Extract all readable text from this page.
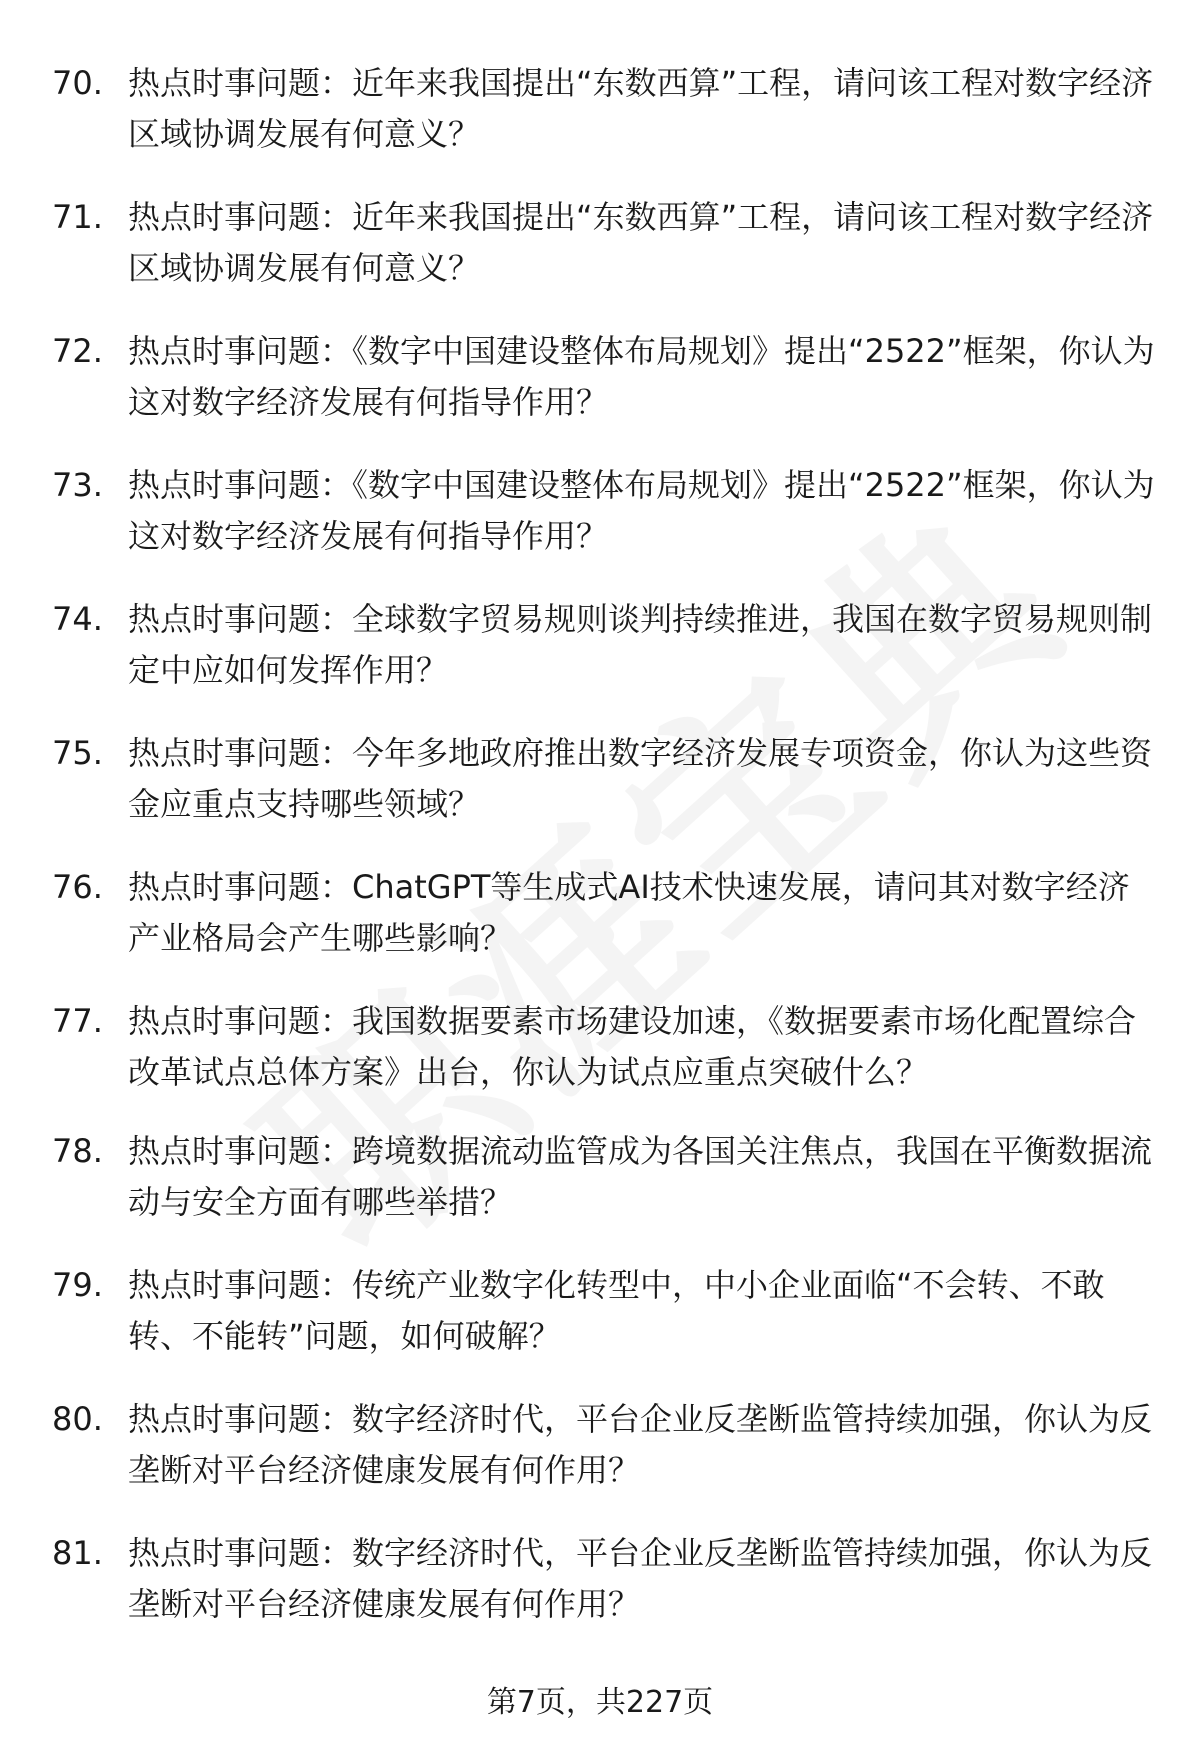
70. 热点时事问题：近年来我国提出“东数西算”工程，请问该工程对数字经济区域协调发展有何意义？
71. 热点时事问题：近年来我国提出“东数西算”工程，请问该工程对数字经济区域协调发展有何意义？
72. 热点时事问题：《数字中国建设整体布局规划》提出“2522”框架，你认为这对数字经济发展有何指导作用？
73. 热点时事问题：《数字中国建设整体布局规划》提出“2522”框架，你认为这对数字经济发展有何指导作用？
74. 热点时事问题：全球数字贸易规则谈判持续推进，我国在数字贸易规则制定中应如何发挥作用？
75. 热点时事问题：今年多地政府推出数字经济发展专项资金，你认为这些资金应重点支持哪些领域？
76. 热点时事问题：ChatGPT等生成式AI技术快速发展，请问其对数字经济产业格局会产生哪些影响？
77. 热点时事问题：我国数据要素市场建设加速，《数据要素市场化配置综合改革试点总体方案》出台，你认为试点应重点突破什么？
78. 热点时事问题：跨境数据流动监管成为各国关注焦点，我国在平衡数据流动与安全方面有哪些举措？
79. 热点时事问题：传统产业数字化转型中，中小企业面临“不会转、不敢转、不能转”问题，如何破解？
80. 热点时事问题：数字经济时代，平台企业反垄断监管持续加强，你认为反垄断对平台经济健康发展有何作用？
81. 热点时事问题：数字经济时代，平台企业反垄断监管持续加强，你认为反垄断对平台经济健康发展有何作用？
第7页，共227页
